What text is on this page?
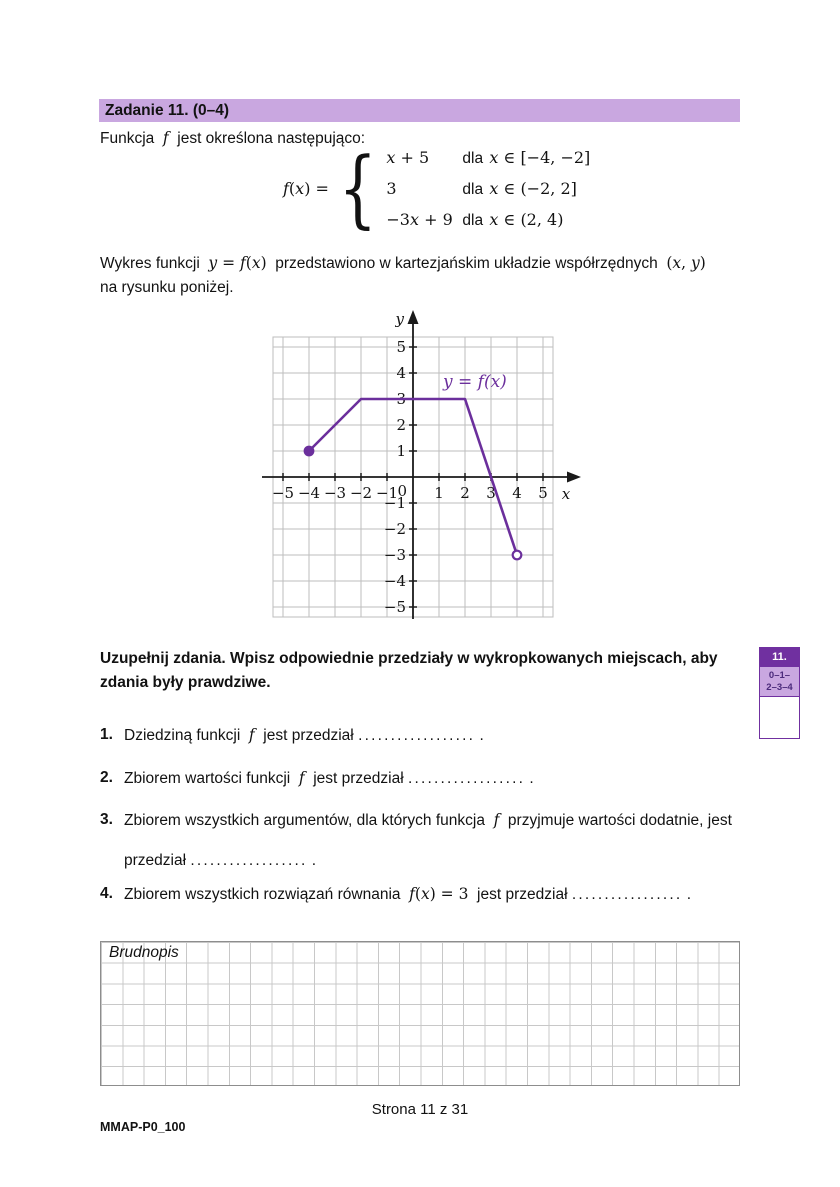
Zadanie 11. (0–4)

Funkcja  f  jest określona następująco:

f(x) = { x + 5	dla x ∈ [−4, −2]
3	dla x ∈ (−2, 2]
−3x + 9 dla x ∈ (2, 4)

Wykres funkcji  y = f(x)  przedstawiono w kartezjańskim układzie współrzędnych  (x, y)
na rysunku poniżej.

−5 −4 −3 −2 −1 1 2 3 4 5
−5
−4
−3
−2
−1
1
2
3
4
5
0	x
y
y = f(x)

Uzupełnij zdania. Wpisz odpowiednie przedziały w wykropkowanych miejscach, aby
zdania były prawdziwe.

11.
0–1–
2–3–4
1. Dziedziną funkcji  f  jest przedział .................. .
2. Zbiorem wartości funkcji  f  jest przedział .................. .
3. Zbiorem wszystkich argumentów, dla których funkcja  f  przyjmuje wartości dodatnie, jest
przedział .................. .
4. Zbiorem wszystkich rozwiązań równania  f(x) = 3  jest przedział ................. .
Brudnopis
Strona 11 z 31
MMAP-P0_100
